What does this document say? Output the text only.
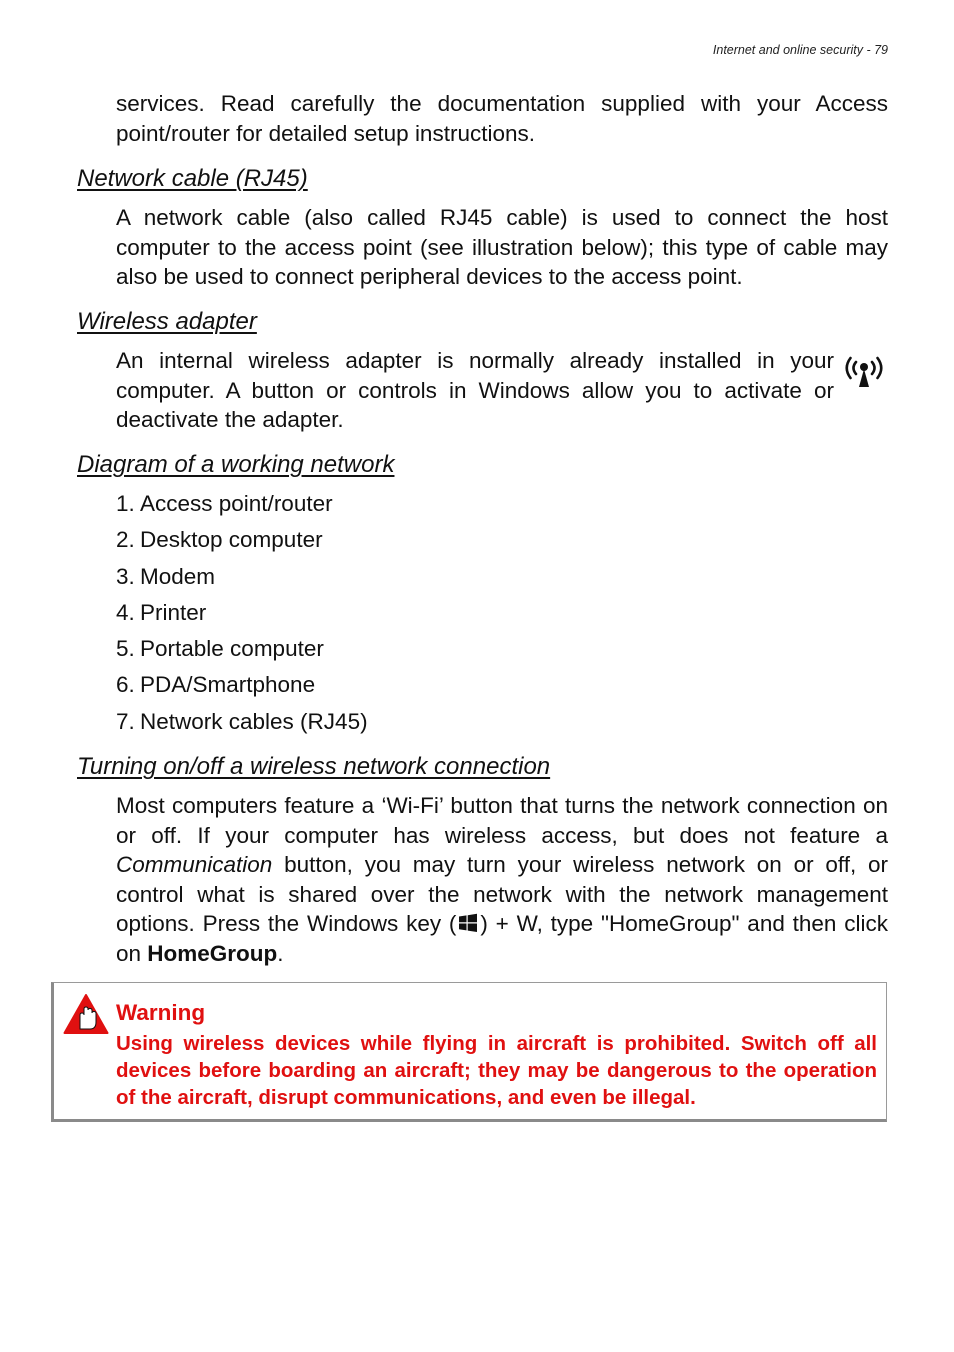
Internet and online security - 79

services. Read carefully the documentation supplied with your Access point/router for detailed setup instructions.

Network cable (RJ45)

A network cable (also called RJ45 cable) is used to connect the host computer to the access point (see illustration below); this type of cable may also be used to connect peripheral devices to the access point.

Wireless adapter

An internal wireless adapter is normally already installed in your computer. A button or controls in Windows allow you to activate or deactivate the adapter.

Diagram of a working network
1. Access point/router
2. Desktop computer
3. Modem
4. Printer
5. Portable computer
6. PDA/Smartphone
7. Network cables (RJ45)
Turning on/off a wireless network connection

Most computers feature a ‘Wi-Fi’ button that turns the network connection on or off. If your computer has wireless access, but does not feature a Communication button, you may turn your wireless network on or off, or control what is shared over the network with the network management options. Press the Windows key ( ) + W, type "HomeGroup" and then click on HomeGroup.

Warning

Using wireless devices while flying in aircraft is prohibited. Switch off all devices before boarding an aircraft; they may be dangerous to the operation of the aircraft, disrupt communications, and even be illegal.
